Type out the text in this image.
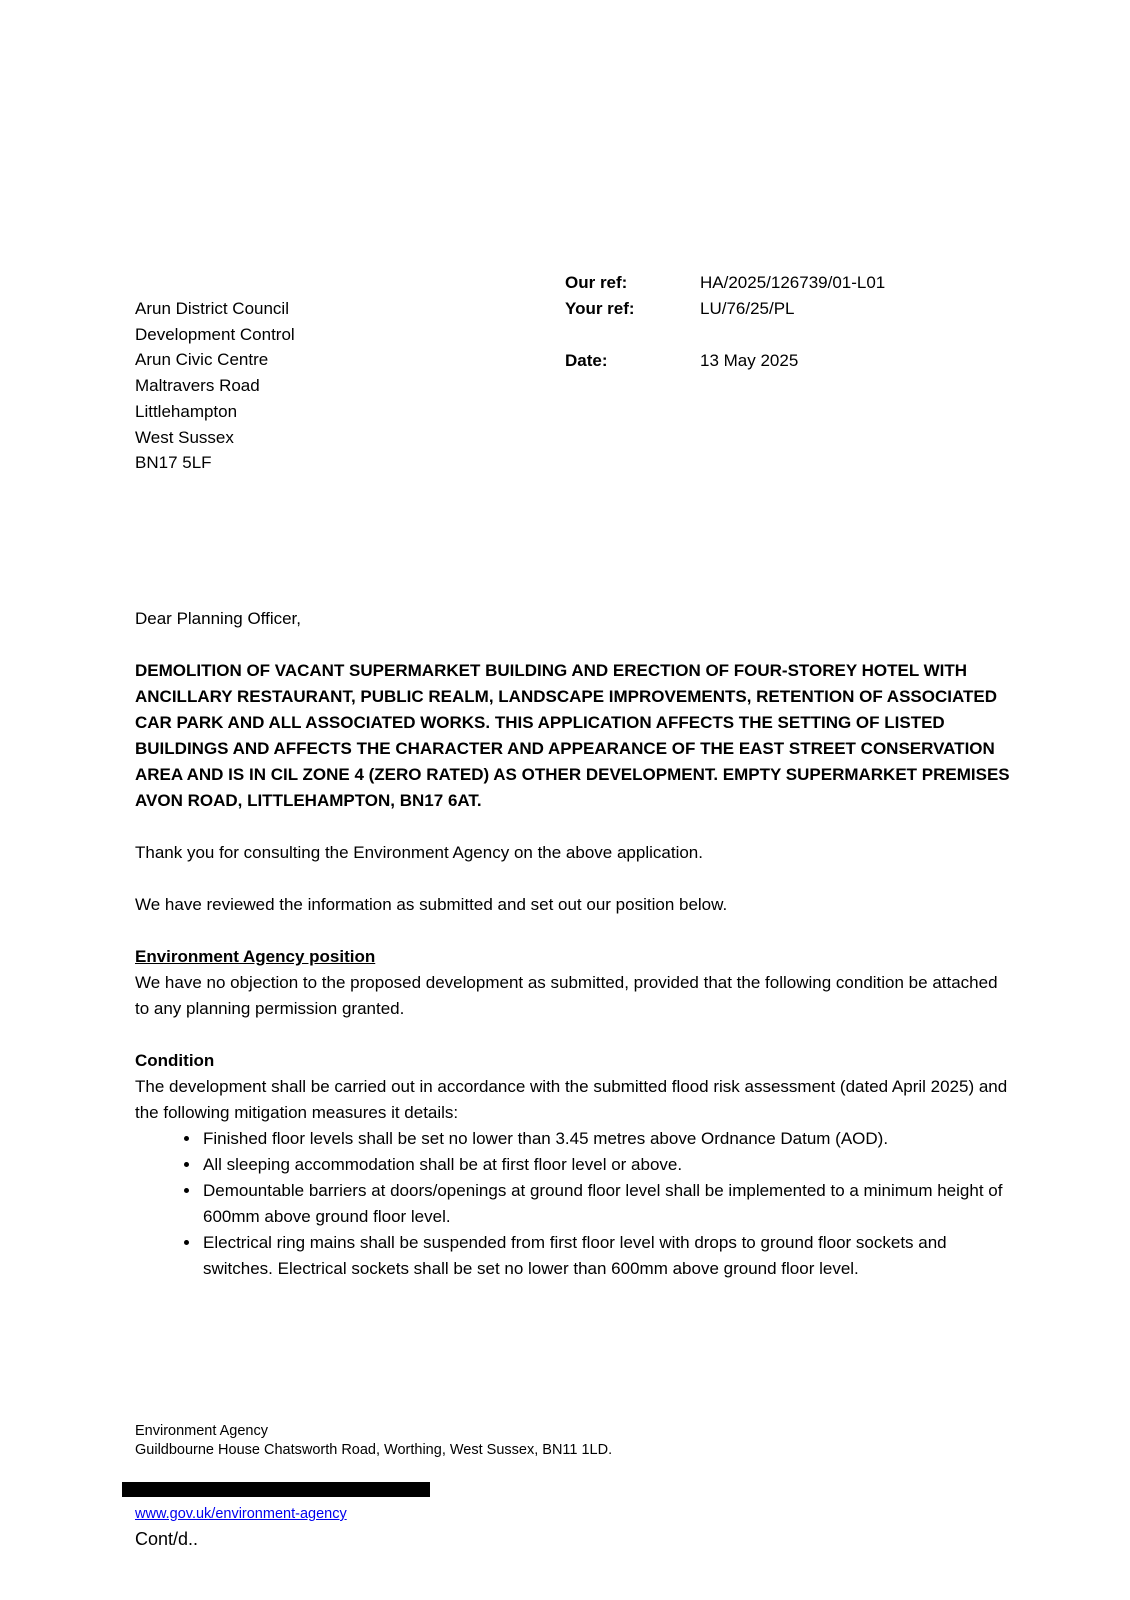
Our ref:	HA/2025/126739/01-L01
Your ref:	LU/76/25/PL
Date:	13 May 2025
Arun District Council
Development Control
Arun Civic Centre
Maltravers Road
Littlehampton
West Sussex
BN17 5LF

Dear Planning Officer,

DEMOLITION OF VACANT SUPERMARKET BUILDING AND ERECTION OF FOUR-STOREY HOTEL WITH ANCILLARY RESTAURANT, PUBLIC REALM, LANDSCAPE IMPROVEMENTS, RETENTION OF ASSOCIATED CAR PARK AND ALL ASSOCIATED WORKS. THIS APPLICATION AFFECTS THE SETTING OF LISTED BUILDINGS AND AFFECTS THE CHARACTER AND APPEARANCE OF THE EAST STREET CONSERVATION AREA AND IS IN CIL ZONE 4 (ZERO RATED) AS OTHER DEVELOPMENT. EMPTY SUPERMARKET PREMISES AVON ROAD, LITTLEHAMPTON, BN17 6AT.

Thank you for consulting the Environment Agency on the above application.

We have reviewed the information as submitted and set out our position below.

Environment Agency position

We have no objection to the proposed development as submitted, provided that the following condition be attached to any planning permission granted.

Condition

The development shall be carried out in accordance with the submitted flood risk assessment (dated April 2025) and the following mitigation measures it details:

• Finished floor levels shall be set no lower than 3.45 metres above Ordnance Datum (AOD).
• All sleeping accommodation shall be at first floor level or above.
• Demountable barriers at doors/openings at ground floor level shall be implemented to a minimum height of 600mm above ground floor level.
• Electrical ring mains shall be suspended from first floor level with drops to ground floor sockets and switches. Electrical sockets shall be set no lower than 600mm above ground floor level.
Environment Agency
Guildbourne House Chatsworth Road, Worthing, West Sussex, BN11 1LD.
www.gov.uk/environment-agency
Cont/d..
